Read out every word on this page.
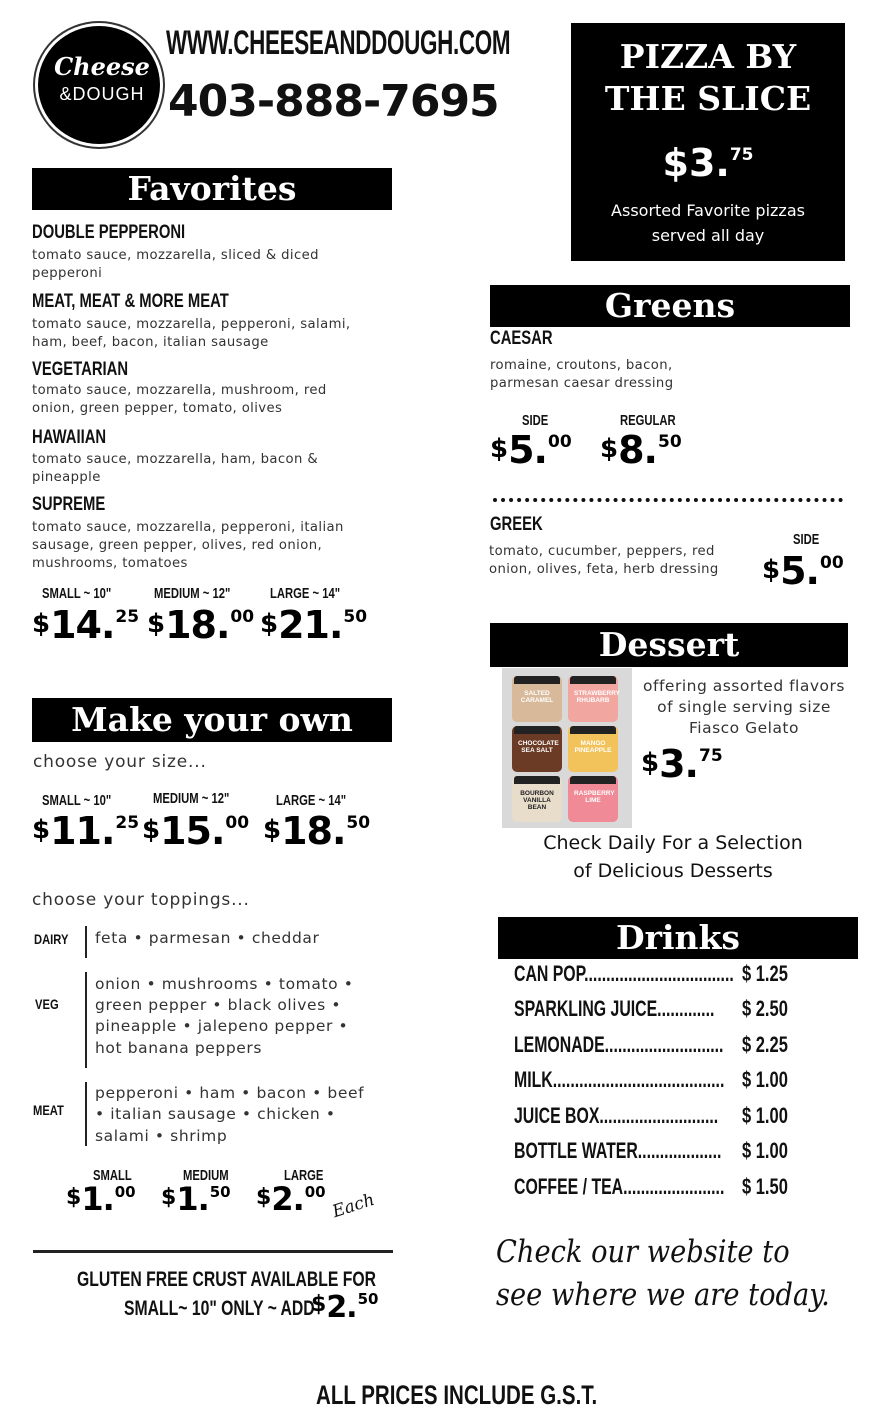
Cheese
&DOUGH
WWW.CHEESEANDDOUGH.COM
403-888-7695
PIZZA BY
THE SLICE
$3.75
Assorted Favorite pizzas
served all day
Favorites
DOUBLE PEPPERONI
tomato sauce, mozzarella, sliced & diced pepperoni
MEAT, MEAT & MORE MEAT
tomato sauce, mozzarella, pepperoni, salami, ham, beef, bacon, italian sausage
VEGETARIAN
tomato sauce, mozzarella, mushroom, red onion, green pepper, tomato, olives
HAWAIIAN
tomato sauce, mozzarella, ham, bacon & pineapple
SUPREME
tomato sauce, mozzarella, pepperoni, italian sausage, green pepper, olives, red onion, mushrooms, tomatoes
SMALL ~ 10"	MEDIUM ~ 12"	LARGE ~ 14"
$14.25 $18.00 $21.50
Make your own
choose your size...
SMALL ~ 10"	MEDIUM ~ 12"	LARGE ~ 14"
$11.25 $15.00 $18.50
choose your toppings...
DAIRY feta • parmesan • cheddar
VEG
onion • mushrooms • tomato •
green pepper • black olives •
pineapple • jalepeno pepper •
hot banana peppers
MEAT
pepperoni • ham • bacon • beef
• italian sausage • chicken •
salami • shrimp
SMALL	MEDIUM	LARGE
$1.00 $1.50 $2.00 Each
GLUTEN FREE CRUST AVAILABLE FOR
SMALL~ 10" ONLY ~ ADD
$2.50
Greens
CAESAR
romaine, croutons, bacon, parmesan caesar dressing
SIDE	REGULAR
$5.00 $8.50
GREEK
tomato, cucumber, peppers, red onion, olives, feta, herb dressing
SIDE
$5.00
Dessert
SALTED CARAMEL
STRAWBERRY RHUBARB
CHOCOLATE SEA SALT
MANGO PINEAPPLE
BOURBON VANILLA BEAN
RASPBERRY LIME
offering assorted flavors of single serving size Fiasco Gelato
$3.75
Check Daily For a Selection
of Delicious Desserts
Drinks
CAN POP.................................. $ 1.25
SPARKLING JUICE............. $ 2.50
LEMONADE........................... $ 2.25
MILK....................................... $ 1.00
JUICE BOX........................... $ 1.00
BOTTLE WATER................... $ 1.00
COFFEE / TEA....................... $ 1.50
Check our website to
see where we are today.
ALL PRICES INCLUDE G.S.T.
